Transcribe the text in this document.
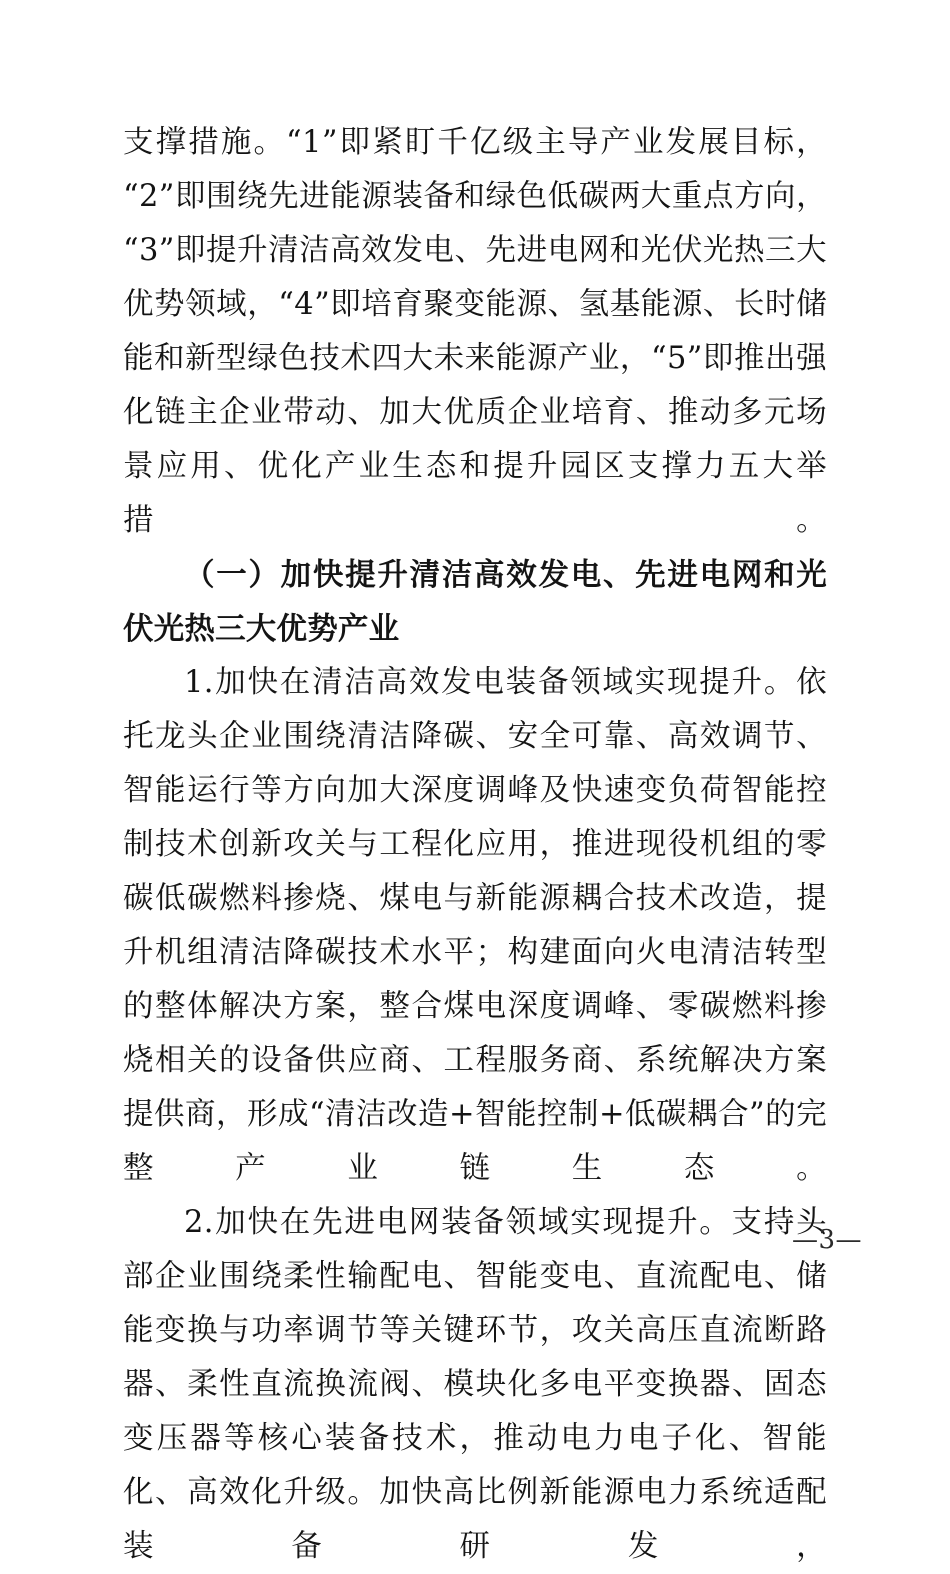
支撑措施。“1”即紧盯千亿级主导产业发展目标，“2”即围绕先进能源装备和绿色低碳两大重点方向，“3”即提升清洁高效发电、先进电网和光伏光热三大优势领域，“4”即培育聚变能源、氢基能源、长时储能和新型绿色技术四大未来能源产业，“5”即推出强化链主企业带动、加大优质企业培育、推动多元场景应用、优化产业生态和提升园区支撑力五大举措。

（一）加快提升清洁高效发电、先进电网和光伏光热三大优势产业

1.加快在清洁高效发电装备领域实现提升。依托龙头企业围绕清洁降碳、安全可靠、高效调节、智能运行等方向加大深度调峰及快速变负荷智能控制技术创新攻关与工程化应用，推进现役机组的零碳低碳燃料掺烧、煤电与新能源耦合技术改造，提升机组清洁降碳技术水平；构建面向火电清洁转型的整体解决方案，整合煤电深度调峰、零碳燃料掺烧相关的设备供应商、工程服务商、系统解决方案提供商，形成“清洁改造+智能控制+低碳耦合”的完整产业链生态。

2.加快在先进电网装备领域实现提升。支持头部企业围绕柔性输配电、智能变电、直流配电、储能变换与功率调节等关键环节，攻关高压直流断路器、柔性直流换流阀、模块化多电平变换器、固态变压器等核心装备技术，推动电力电子化、智能化、高效化升级。加快高比例新能源电力系统适配装备研发，

—3—
